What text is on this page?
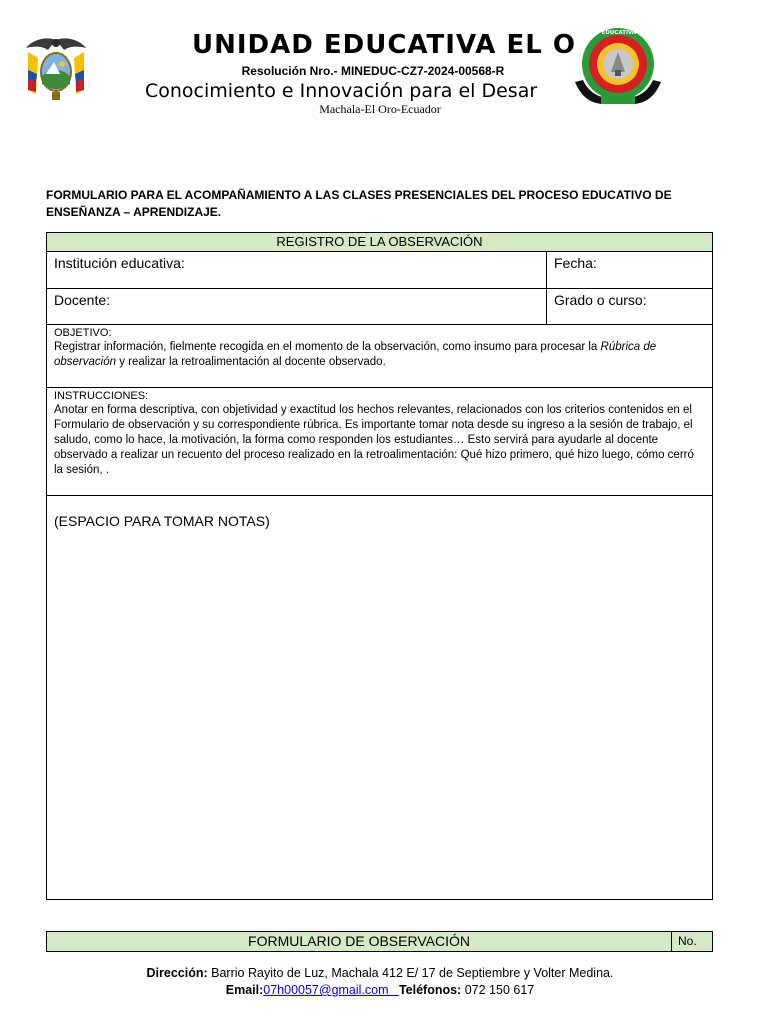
UNIDAD EDUCATIVA EL ORO
UNIDAD EDUCATIVA EL O
Resolución Nro.- MINEDUC-CZ7-2024-00568-R
Conocimiento e Innovación para el Desar
Machala-El Oro-Ecuador
FORMULARIO PARA EL ACOMPAÑAMIENTO A LAS CLASES PRESENCIALES DEL PROCESO EDUCATIVO DE ENSEÑANZA – APRENDIZAJE.
REGISTRO DE LA OBSERVACIÓN
Institución educativa:	Fecha:
Docente:	Grado o curso:
OBJETIVO:
Registrar información, fielmente recogida en el momento de la observación, como insumo para procesar la Rúbrica de observación y realizar la retroalimentación al docente observado.
INSTRUCCIONES:
Anotar en forma descriptiva, con objetividad y exactitud los hechos relevantes, relacionados con los criterios contenidos en el Formulario de observación y su correspondiente rúbrica. Es importante tomar nota desde su ingreso a la sesión de trabajo, el saludo, como lo hace, la motivación, la forma como responden los estudiantes… Esto servirá para ayudarle al docente observado a realizar un recuento del proceso realizado en la retroalimentación: Qué hizo primero, qué hizo luego, cómo cerró la sesión, .
(ESPACIO PARA TOMAR NOTAS)
FORMULARIO DE OBSERVACIÓN	No.
Dirección: Barrio Rayito de Luz, Machala 412 E/ 17 de Septiembre y Volter Medina.
Email:07h00057@gmail.com Teléfonos: 072 150 617
